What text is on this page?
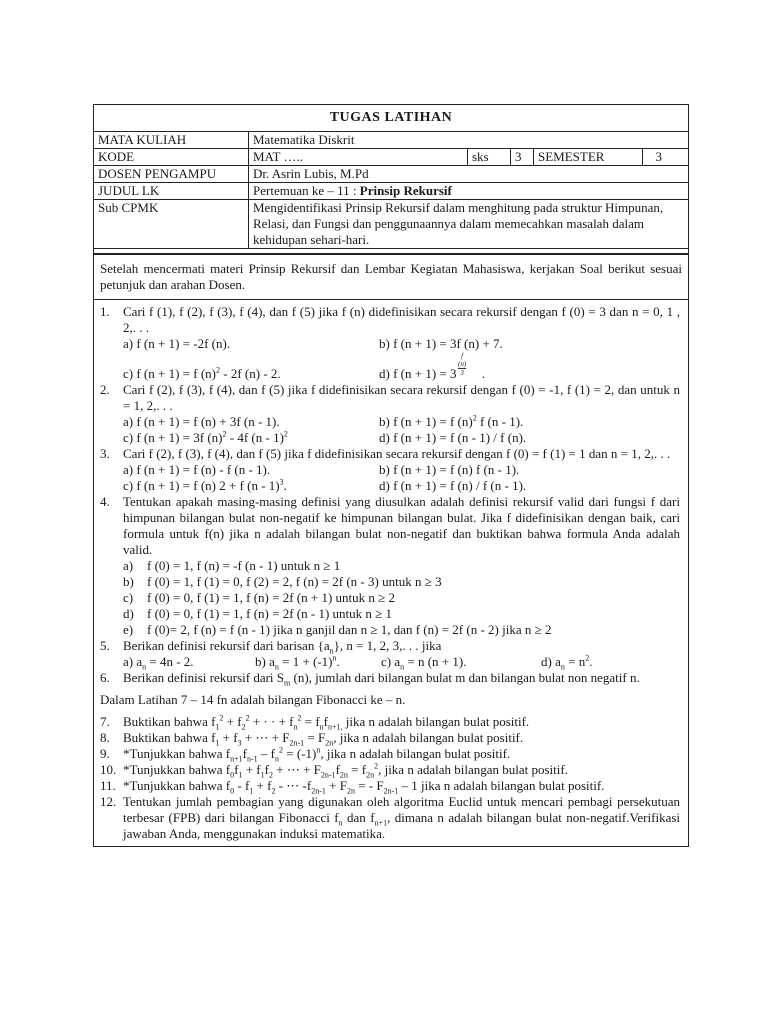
TUGAS LATIHAN
MATA KULIAH	Matematika Diskrit				
KODE	MAT …..	sks	3	SEMESTER	3
DOSEN PENGAMPU	Dr. Asrin Lubis, M.Pd				
JUDUL LK	Pertemuan ke – 11 : Prinsip Rekursif				
Sub CPMK	Mengidentifikasi Prinsip Rekursif dalam menghitung pada struktur Himpunan, Relasi, dan Fungsi dan penggunaannya dalam memecahkan masalah dalam kehidupan sehari-hari.				
Setelah mencermati materi Prinsip Rekursif dan Lembar Kegiatan Mahasiswa, kerjakan Soal berikut sesuai petunjuk dan arahan Dosen.
1.	Cari f (1), f (2), f (3), f (4), dan f (5) jika f (n) didefinisikan secara rekursif dengan f (0) = 3 dan n = 0, 1 , 2,. . .
a) f (n + 1) = -2f (n).	b) f (n + 1) = 3f (n) + 7.
c) f (n + 1) = f $(n)^2 - 2f$ (n) - 2.	d) f $(n + 1) = 3 \frac{f (n)}{3}$ .
2.	Cari f (2), f (3), f (4), dan f (5) jika f didefinisikan secara rekursif dengan f (0) = -1, f (1) = 2, dan untuk n = 1, 2,. . .
a) f (n + 1) = f (n) + 3f (n - 1).	b) f (n + 1) = f $(n)^2$ f (n - 1).
c) f (n + 1) = 3f $(n)^2 - 4f$ (n - 1)$^2$	d) f (n + 1) = f (n - 1) / f (n).
3.	Cari f (2), f (3), f (4), dan f (5) jika f didefinisikan secara rekursif dengan f (0) = f (1) = 1 dan n = 1, 2,. . .
a) f (n + 1) = f (n) - f (n - 1).	b) f (n + 1) = f (n) f (n - 1).
c) f (n + 1) = f (n) 2 + f (n - 1)$^3$.	d) f (n + 1) = f (n) / f (n - 1).
4.	Tentukan apakah masing-masing definisi yang diusulkan adalah definisi rekursif valid dari fungsi f dari himpunan bilangan bulat non-negatif ke himpunan bilangan bulat. Jika f didefinisikan dengan baik, cari formula untuk f(n) jika n adalah bilangan bulat non-negatif dan buktikan bahwa formula Anda adalah valid.
a)	f (0) = 1, f (n) = -f (n - 1) untuk n ≥ 1
b)	f (0) = 1, f (1) = 0, f (2) = 2, f (n) = 2f (n - 3) untuk n ≥ 3
c)	f (0) = 0, f (1) = 1, f (n) = 2f (n + 1) untuk n ≥ 2
d)	f (0) = 0, f (1) = 1, f (n) = 2f (n - 1) untuk n ≥ 1
e)	f (0)= 2, f (n) = f (n - 1) jika n ganjil dan n ≥ 1, dan f (n) = 2f (n - 2) jika n ≥ 2
5.	Berikan definisi rekursif dari barisan $\{a_n\}$, n = 1, 2, 3,. . . jika
a) $a_n = 4n - 2$.	b) $a_n = 1 + (-1)^n$.	c) $a_n = n$ (n + 1).	d) $a_n = n^2$.
6.	Berikan definisi rekursif dari $S_m$ (n), jumlah dari bilangan bulat m dan bilangan bulat non negatif n.
Dalam Latihan 7 – 14 fn adalah bilangan Fibonacci ke – n.
7.	Buktikan bahwa $f_1^2 + f_2^2$ + · · + $f_n^2 = f_nf_{n+1,}$ jika n adalah bilangan bulat positif.
8.	Buktikan bahwa $f_1 + f_3$ + ⋯ + $F_{2n-1} = F_{2n}$, jika n adalah bilangan bulat positif.
9.	*Tunjukkan bahwa $f_{n+1}f_{n-1} - f_n^2 = (-1)^n$, jika n adalah bilangan bulat positif.
10. *Tunjukkan bahwa $f_0f_1 + f_1f_2$ + ⋯ + $F_{2n-1}f_{2n} = f_{2n}^2$, jika n adalah bilangan bulat positif.
11. *Tunjukkan bahwa $f_0 - f_1 + f_2$ - ⋯ $-f_{2n-1} + F_{2n}$ = - $F_{2n-1} - 1$ jika n adalah bilangan bulat positif.
12. Tentukan jumlah pembagian yang digunakan oleh algoritma Euclid untuk mencari pembagi persekutuan terbesar (FPB) dari bilangan Fibonacci $f_n$ dan $f_{n+1}$, dimana n adalah bilangan bulat non-negatif.Verifikasi jawaban Anda, menggunakan induksi matematika.
